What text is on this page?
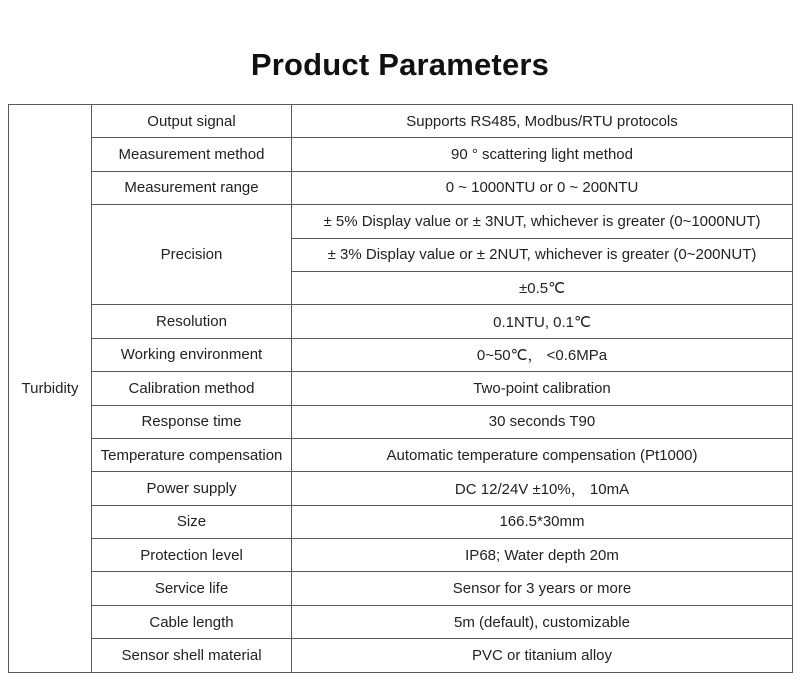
Product Parameters
Turbidity	Output signal	Supports RS485, Modbus/RTU protocols
	Measurement method	90 ° scattering light method
	Measurement range	0 ~ 1000NTU or 0 ~ 200NTU
	Precision	± 5% Display value or ± 3NUT, whichever is greater (0~1000NUT)
		± 3% Display value or ± 2NUT, whichever is greater (0~200NUT)
		±0.5℃
	Resolution	0.1NTU, 0.1℃
	Working environment	0~50℃， <0.6MPa
	Calibration method	Two-point calibration
	Response time	30 seconds T90
	Temperature compensation	Automatic temperature compensation (Pt1000)
	Power supply	DC 12/24V ±10%， 10mA
	Size	166.5*30mm
	Protection level	IP68; Water depth 20m
	Service life	Sensor for 3 years or more
	Cable length	5m (default), customizable
	Sensor shell material	PVC or titanium alloy
